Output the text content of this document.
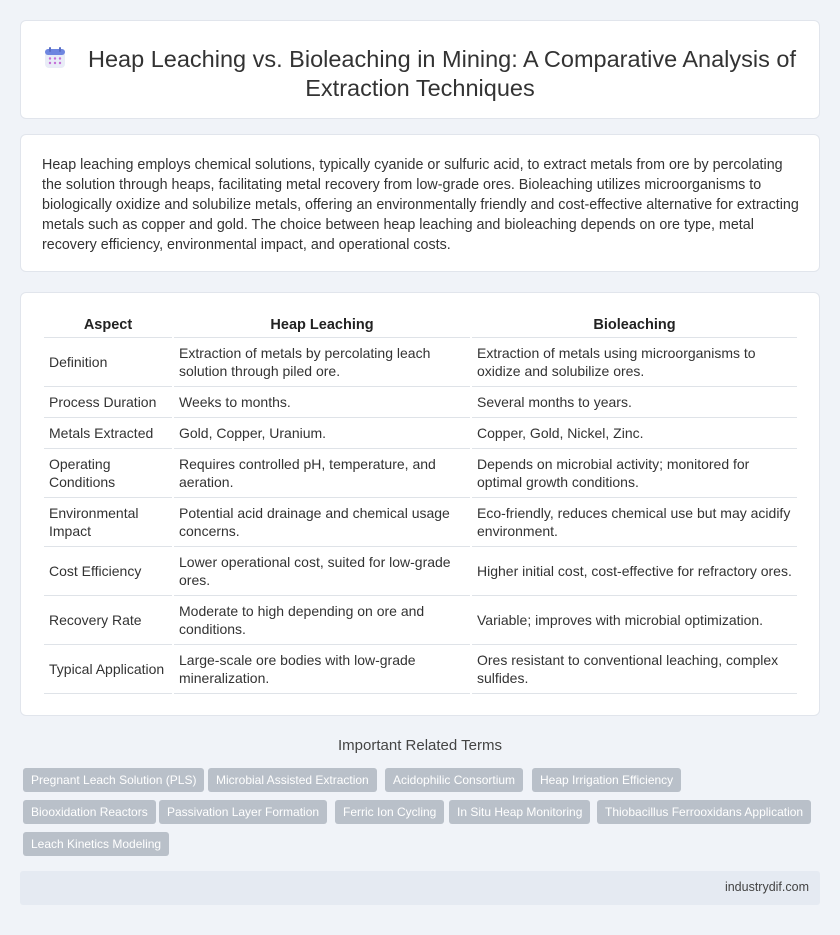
Heap Leaching vs. Bioleaching in Mining: A Comparative Analysis of Extraction Techniques

Heap leaching employs chemical solutions, typically cyanide or sulfuric acid, to extract metals from ore by percolating the solution through heaps, facilitating metal recovery from low-grade ores. Bioleaching utilizes microorganisms to biologically oxidize and solubilize metals, offering an environmentally friendly and cost-effective alternative for extracting metals such as copper and gold. The choice between heap leaching and bioleaching depends on ore type, metal recovery efficiency, environmental impact, and operational costs.

Aspect	Heap Leaching	Bioleaching
Definition	Extraction of metals by percolating leach solution through piled ore.	Extraction of metals using microorganisms to oxidize and solubilize ores.
Process Duration	Weeks to months.	Several months to years.
Metals Extracted	Gold, Copper, Uranium.	Copper, Gold, Nickel, Zinc.
Operating Conditions	Requires controlled pH, temperature, and aeration.	Depends on microbial activity; monitored for optimal growth conditions.
Environmental Impact	Potential acid drainage and chemical usage concerns.	Eco-friendly, reduces chemical use but may acidify environment.
Cost Efficiency	Lower operational cost, suited for low-grade ores.	Higher initial cost, cost-effective for refractory ores.
Recovery Rate	Moderate to high depending on ore and conditions.	Variable; improves with microbial optimization.
Typical Application	Large-scale ore bodies with low-grade mineralization.	Ores resistant to conventional leaching, complex sulfides.
Important Related Terms
Pregnant Leach Solution (PLS)	Microbial Assisted Extraction	Acidophilic Consortium	Heap Irrigation Efficiency
Biooxidation Reactors	Passivation Layer Formation	Ferric Ion Cycling	In Situ Heap Monitoring	Thiobacillus Ferrooxidans Application
Leach Kinetics Modeling
industrydif.com
